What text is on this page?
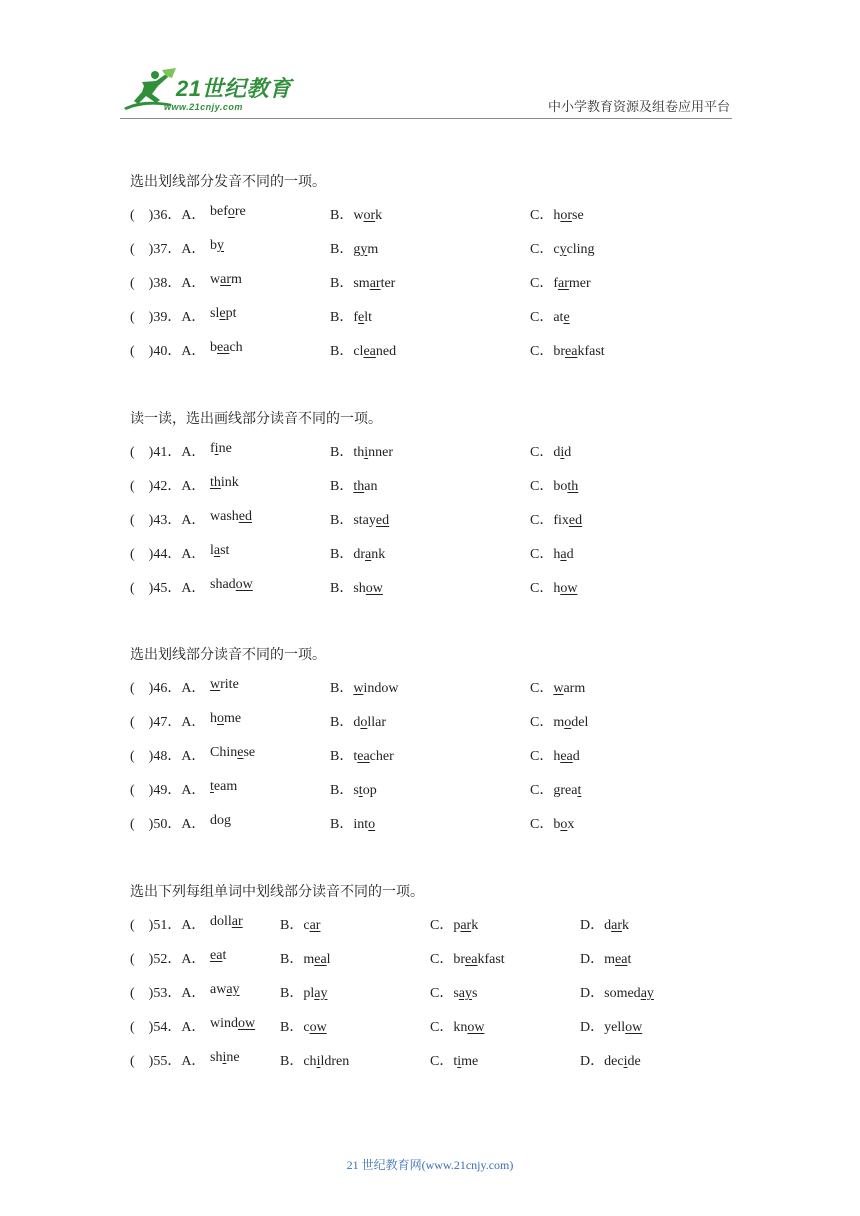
21世纪教育
www.21cnjy.com	中小学教育资源及组卷应用平台
选出划线部分发音不同的一项。
(　)36．A． before	B．work	C．horse
(　)37．A． by	B．gym	C．cycling
(　)38．A． warm	B．smarter	C．farmer
(　)39．A． slept	B．felt	C．ate
(　)40．A． beach	B．cleaned	C．breakfast
读一读，选出画线部分读音不同的一项。
(　)41．A． fine	B．thinner	C．did
(　)42．A． think	B．than	C．both
(　)43．A． washed	B．stayed	C．fixed
(　)44．A． last	B．drank	C．had
(　)45．A． shadow	B．show	C．how
选出划线部分读音不同的一项。
(　)46．A． write	B．window	C．warm
(　)47．A． home	B．dollar	C．model
(　)48．A． Chinese	B．teacher	C．head
(　)49．A． team	B．stop	C．great
(　)50．A． dog	B．into	C．box
选出下列每组单词中划线部分读音不同的一项。
(　)51．A． dollar	B．car	C．park	D．dark
(　)52．A． eat	B．meal	C．breakfast	D．meat
(　)53．A． away	B．play	C．says	D．someday
(　)54．A． window B．cow	C．know	D．yellow
(　)55．A． shine	B．children	C．time	D．decide
21 世纪教育网(www.21cnjy.com)
